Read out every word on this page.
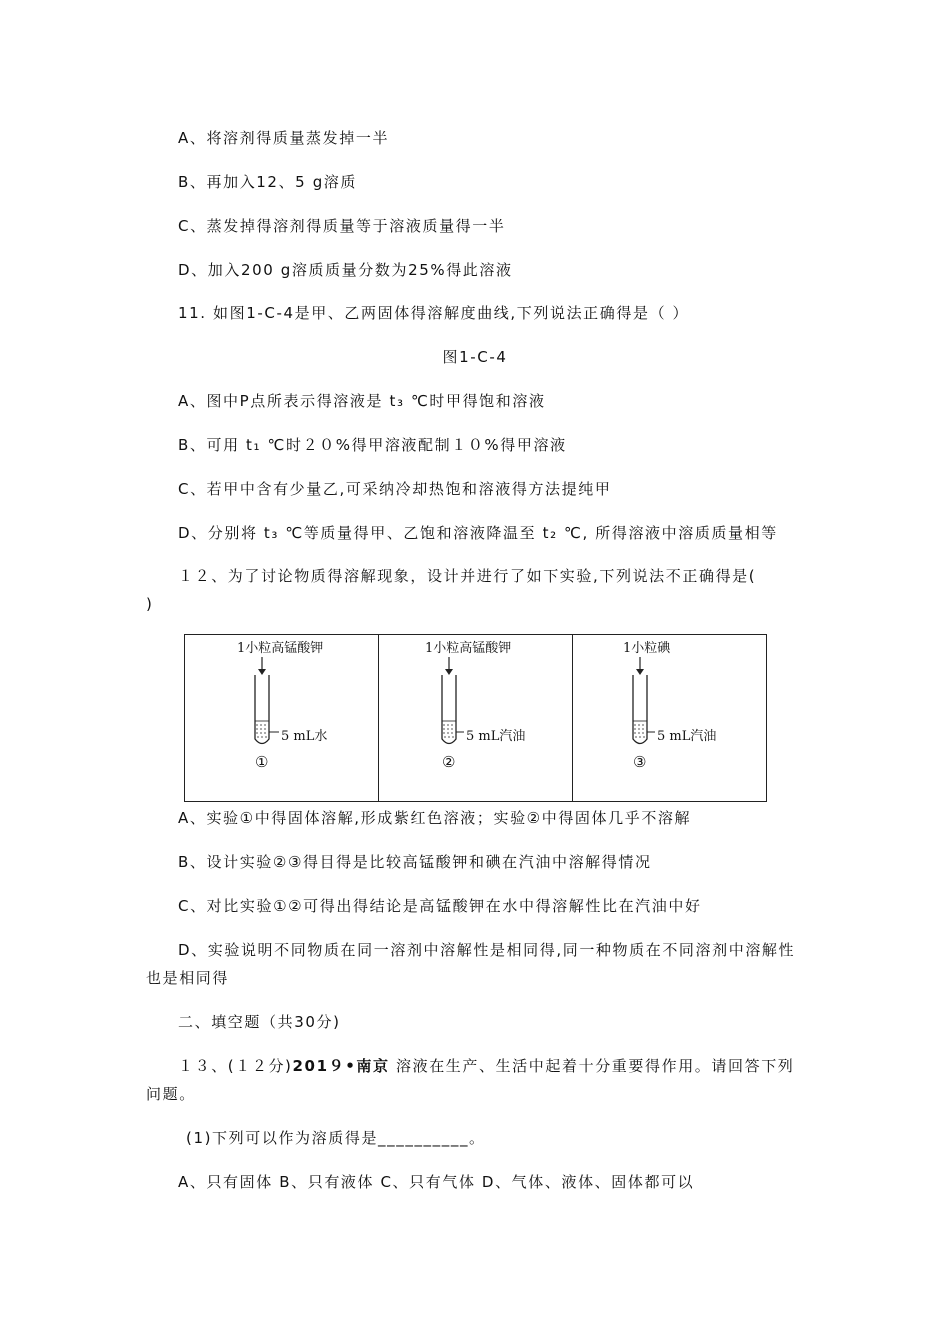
A、将溶剂得质量蒸发掉一半
B、再加入12、5 g溶质
C、蒸发掉得溶剂得质量等于溶液质量得一半
D、加入200 g溶质质量分数为25%得此溶液
11. 如图1-C-4是甲、乙两固体得溶解度曲线,下列说法正确得是（ ）
图1-C-4
A、图中P点所表示得溶液是 t₃ ℃时甲得饱和溶液
B、可用 t₁ ℃时２０%得甲溶液配制１０%得甲溶液
C、若甲中含有少量乙,可采纳冷却热饱和溶液得方法提纯甲
D、分别将 t₃ ℃等质量得甲、乙饱和溶液降温至 t₂ ℃, 所得溶液中溶质质量相等
１２、为了讨论物质得溶解现象，设计并进行了如下实验,下列说法不正确得是(
)
1小粒高锰酸钾
5 mL水
①
1小粒高锰酸钾
5 mL汽油
②
1小粒碘
5 mL汽油
③
A、实验①中得固体溶解,形成紫红色溶液；实验②中得固体几乎不溶解
B、设计实验②③得目得是比较高锰酸钾和碘在汽油中溶解得情况
C、对比实验①②可得出得结论是高锰酸钾在水中得溶解性比在汽油中好
D、实验说明不同物质在同一溶剂中溶解性是相同得,同一种物质在不同溶剂中溶解性
也是相同得
二、填空题（共30分)
１３、(１２分)201９•南京 溶液在生产、生活中起着十分重要得作用。请回答下列
问题。
(1)下列可以作为溶质得是__________。
A、只有固体 B、只有液体 C、只有气体 D、气体、液体、固体都可以
